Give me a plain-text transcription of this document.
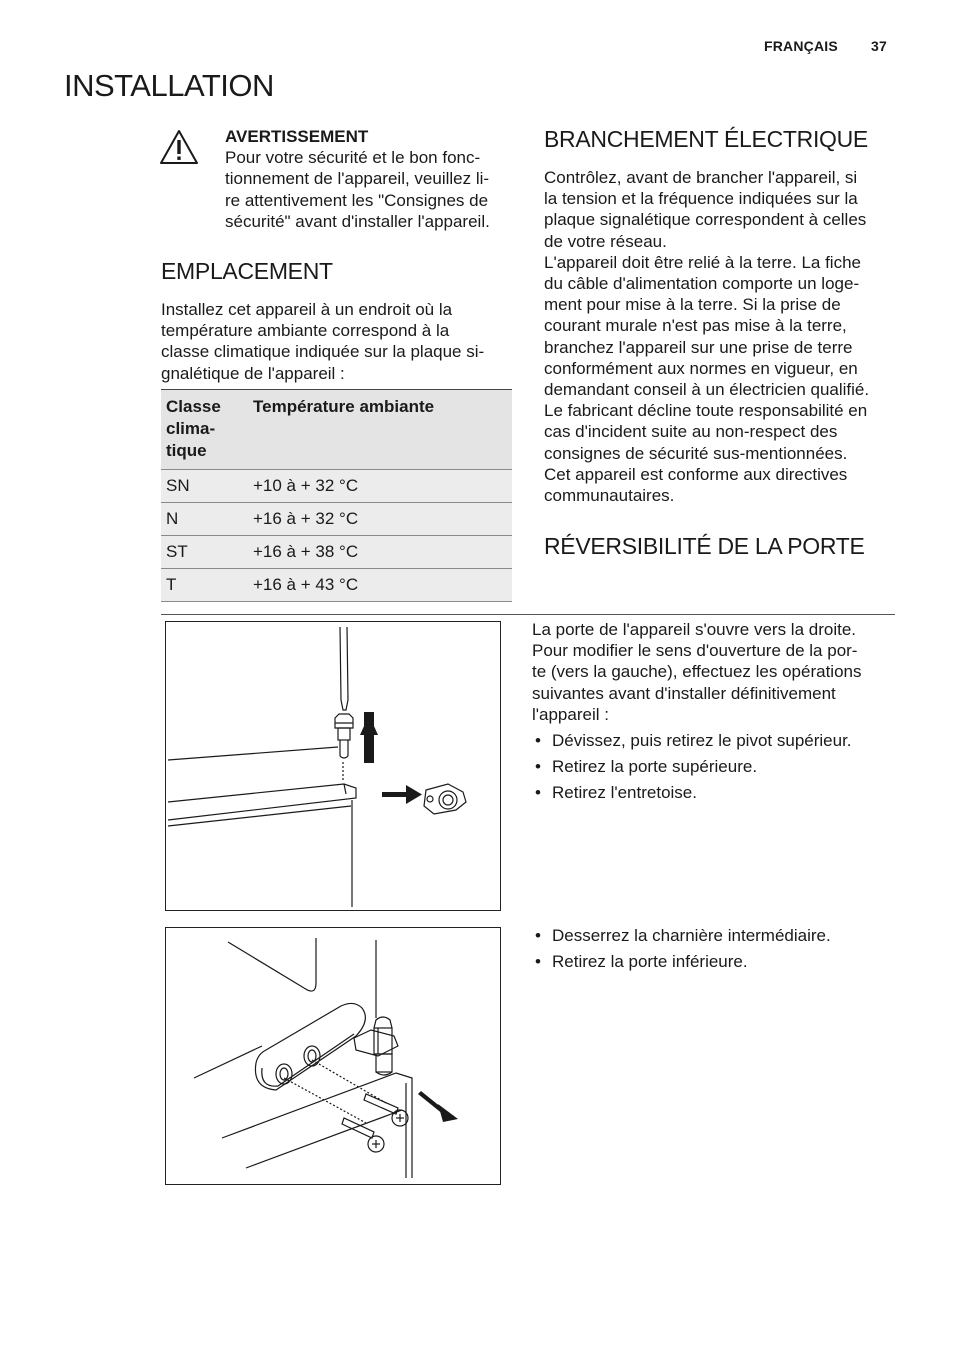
FRANÇAIS 37
INSTALLATION
AVERTISSEMENT
Pour votre sécurité et le bon fonc-
tionnement de l'appareil, veuillez li-
re attentivement les "Consignes de
sécurité" avant d'installer l'appareil.
EMPLACEMENT
Installez cet appareil à un endroit où la
température ambiante correspond à la
classe climatique indiquée sur la plaque si-
gnalétique de l'appareil :
Classe
clima-
tique	Température ambiante
SN	+10 à + 32 °C
N	+16 à + 32 °C
ST	+16 à + 38 °C
T	+16 à + 43 °C
BRANCHEMENT ÉLECTRIQUE
Contrôlez, avant de brancher l'appareil, si
la tension et la fréquence indiquées sur la
plaque signalétique correspondent à celles
de votre réseau.
L'appareil doit être relié à la terre. La fiche
du câble d'alimentation comporte un loge-
ment pour mise à la terre. Si la prise de
courant murale n'est pas mise à la terre,
branchez l'appareil sur une prise de terre
conformément aux normes en vigueur, en
demandant conseil à un électricien qualifié.
Le fabricant décline toute responsabilité en
cas d'incident suite au non-respect des
consignes de sécurité sus-mentionnées.
Cet appareil est conforme aux directives
communautaires.
RÉVERSIBILITÉ DE LA PORTE
La porte de l'appareil s'ouvre vers la droite.
Pour modifier le sens d'ouverture de la por-
te (vers la gauche), effectuez les opérations
suivantes avant d'installer définitivement
l'appareil :
• Dévissez, puis retirez le pivot supérieur.
• Retirez la porte supérieure.
• Retirez l'entretoise.
• Desserrez la charnière intermédiaire.
• Retirez la porte inférieure.
